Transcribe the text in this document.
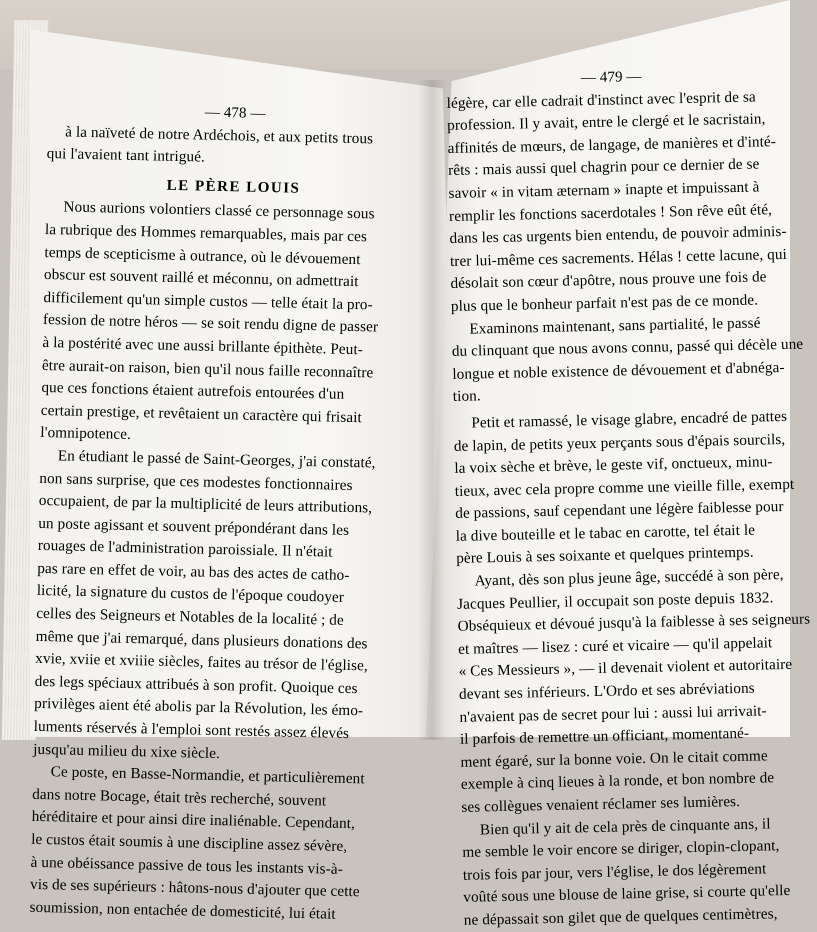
— 478 —
à la naïveté de notre Ardéchois, et aux petits trous
qui l'avaient tant intrigué.
LE PÈRE LOUIS
Nous aurions volontiers classé ce personnage sous
la rubrique des Hommes remarquables, mais par ces
temps de scepticisme à outrance, où le dévouement
obscur est souvent raillé et méconnu, on admettrait
difficilement qu'un simple custos — telle était la pro-
fession de notre héros — se soit rendu digne de passer
à la postérité avec une aussi brillante épithète. Peut-
être aurait-on raison, bien qu'il nous faille reconnaître
que ces fonctions étaient autrefois entourées d'un
certain prestige, et revêtaient un caractère qui frisait
l'omnipotence.
En étudiant le passé de Saint-Georges, j'ai constaté,
non sans surprise, que ces modestes fonctionnaires
occupaient, de par la multiplicité de leurs attributions,
un poste agissant et souvent prépondérant dans les
rouages de l'administration paroissiale. Il n'était
pas rare en effet de voir, au bas des actes de catho-
licité, la signature du custos de l'époque coudoyer
celles des Seigneurs et Notables de la localité ; de
même que j'ai remarqué, dans plusieurs donations des
xvie, xviie et xviiie siècles, faites au trésor de l'église,
des legs spéciaux attribués à son profit. Quoique ces
privilèges aient été abolis par la Révolution, les émo-
luments réservés à l'emploi sont restés assez élevés
jusqu'au milieu du xixe siècle.
Ce poste, en Basse-Normandie, et particulièrement
dans notre Bocage, était très recherché, souvent
héréditaire et pour ainsi dire inaliénable. Cependant,
le custos était soumis à une discipline assez sévère,
à une obéissance passive de tous les instants vis-à-
vis de ses supérieurs : hâtons-nous d'ajouter que cette
soumission, non entachée de domesticité, lui était
— 479 —
légère, car elle cadrait d'instinct avec l'esprit de sa
profession. Il y avait, entre le clergé et le sacristain,
affinités de mœurs, de langage, de manières et d'inté-
rêts : mais aussi quel chagrin pour ce dernier de se
savoir « in vitam æternam » inapte et impuissant à
remplir les fonctions sacerdotales ! Son rêve eût été,
dans les cas urgents bien entendu, de pouvoir adminis-
trer lui-même ces sacrements. Hélas ! cette lacune, qui
désolait son cœur d'apôtre, nous prouve une fois de
plus que le bonheur parfait n'est pas de ce monde.
Examinons maintenant, sans partialité, le passé
du clinquant que nous avons connu, passé qui décèle une
longue et noble existence de dévouement et d'abnéga-
tion.
Petit et ramassé, le visage glabre, encadré de pattes
de lapin, de petits yeux perçants sous d'épais sourcils,
la voix sèche et brève, le geste vif, onctueux, minu-
tieux, avec cela propre comme une vieille fille, exempt
de passions, sauf cependant une légère faiblesse pour
la dive bouteille et le tabac en carotte, tel était le
père Louis à ses soixante et quelques printemps.
Ayant, dès son plus jeune âge, succédé à son père,
Jacques Peullier, il occupait son poste depuis 1832.
Obséquieux et dévoué jusqu'à la faiblesse à ses seigneurs
et maîtres — lisez : curé et vicaire — qu'il appelait
« Ces Messieurs », — il devenait violent et autoritaire
devant ses inférieurs. L'Ordo et ses abréviations
n'avaient pas de secret pour lui : aussi lui arrivait-
il parfois de remettre un officiant, momentané-
ment égaré, sur la bonne voie. On le citait comme
exemple à cinq lieues à la ronde, et bon nombre de
ses collègues venaient réclamer ses lumières.
Bien qu'il y ait de cela près de cinquante ans, il
me semble le voir encore se diriger, clopin-clopant,
trois fois par jour, vers l'église, le dos légèrement
voûté sous une blouse de laine grise, si courte qu'elle
ne dépassait son gilet que de quelques centimètres,
